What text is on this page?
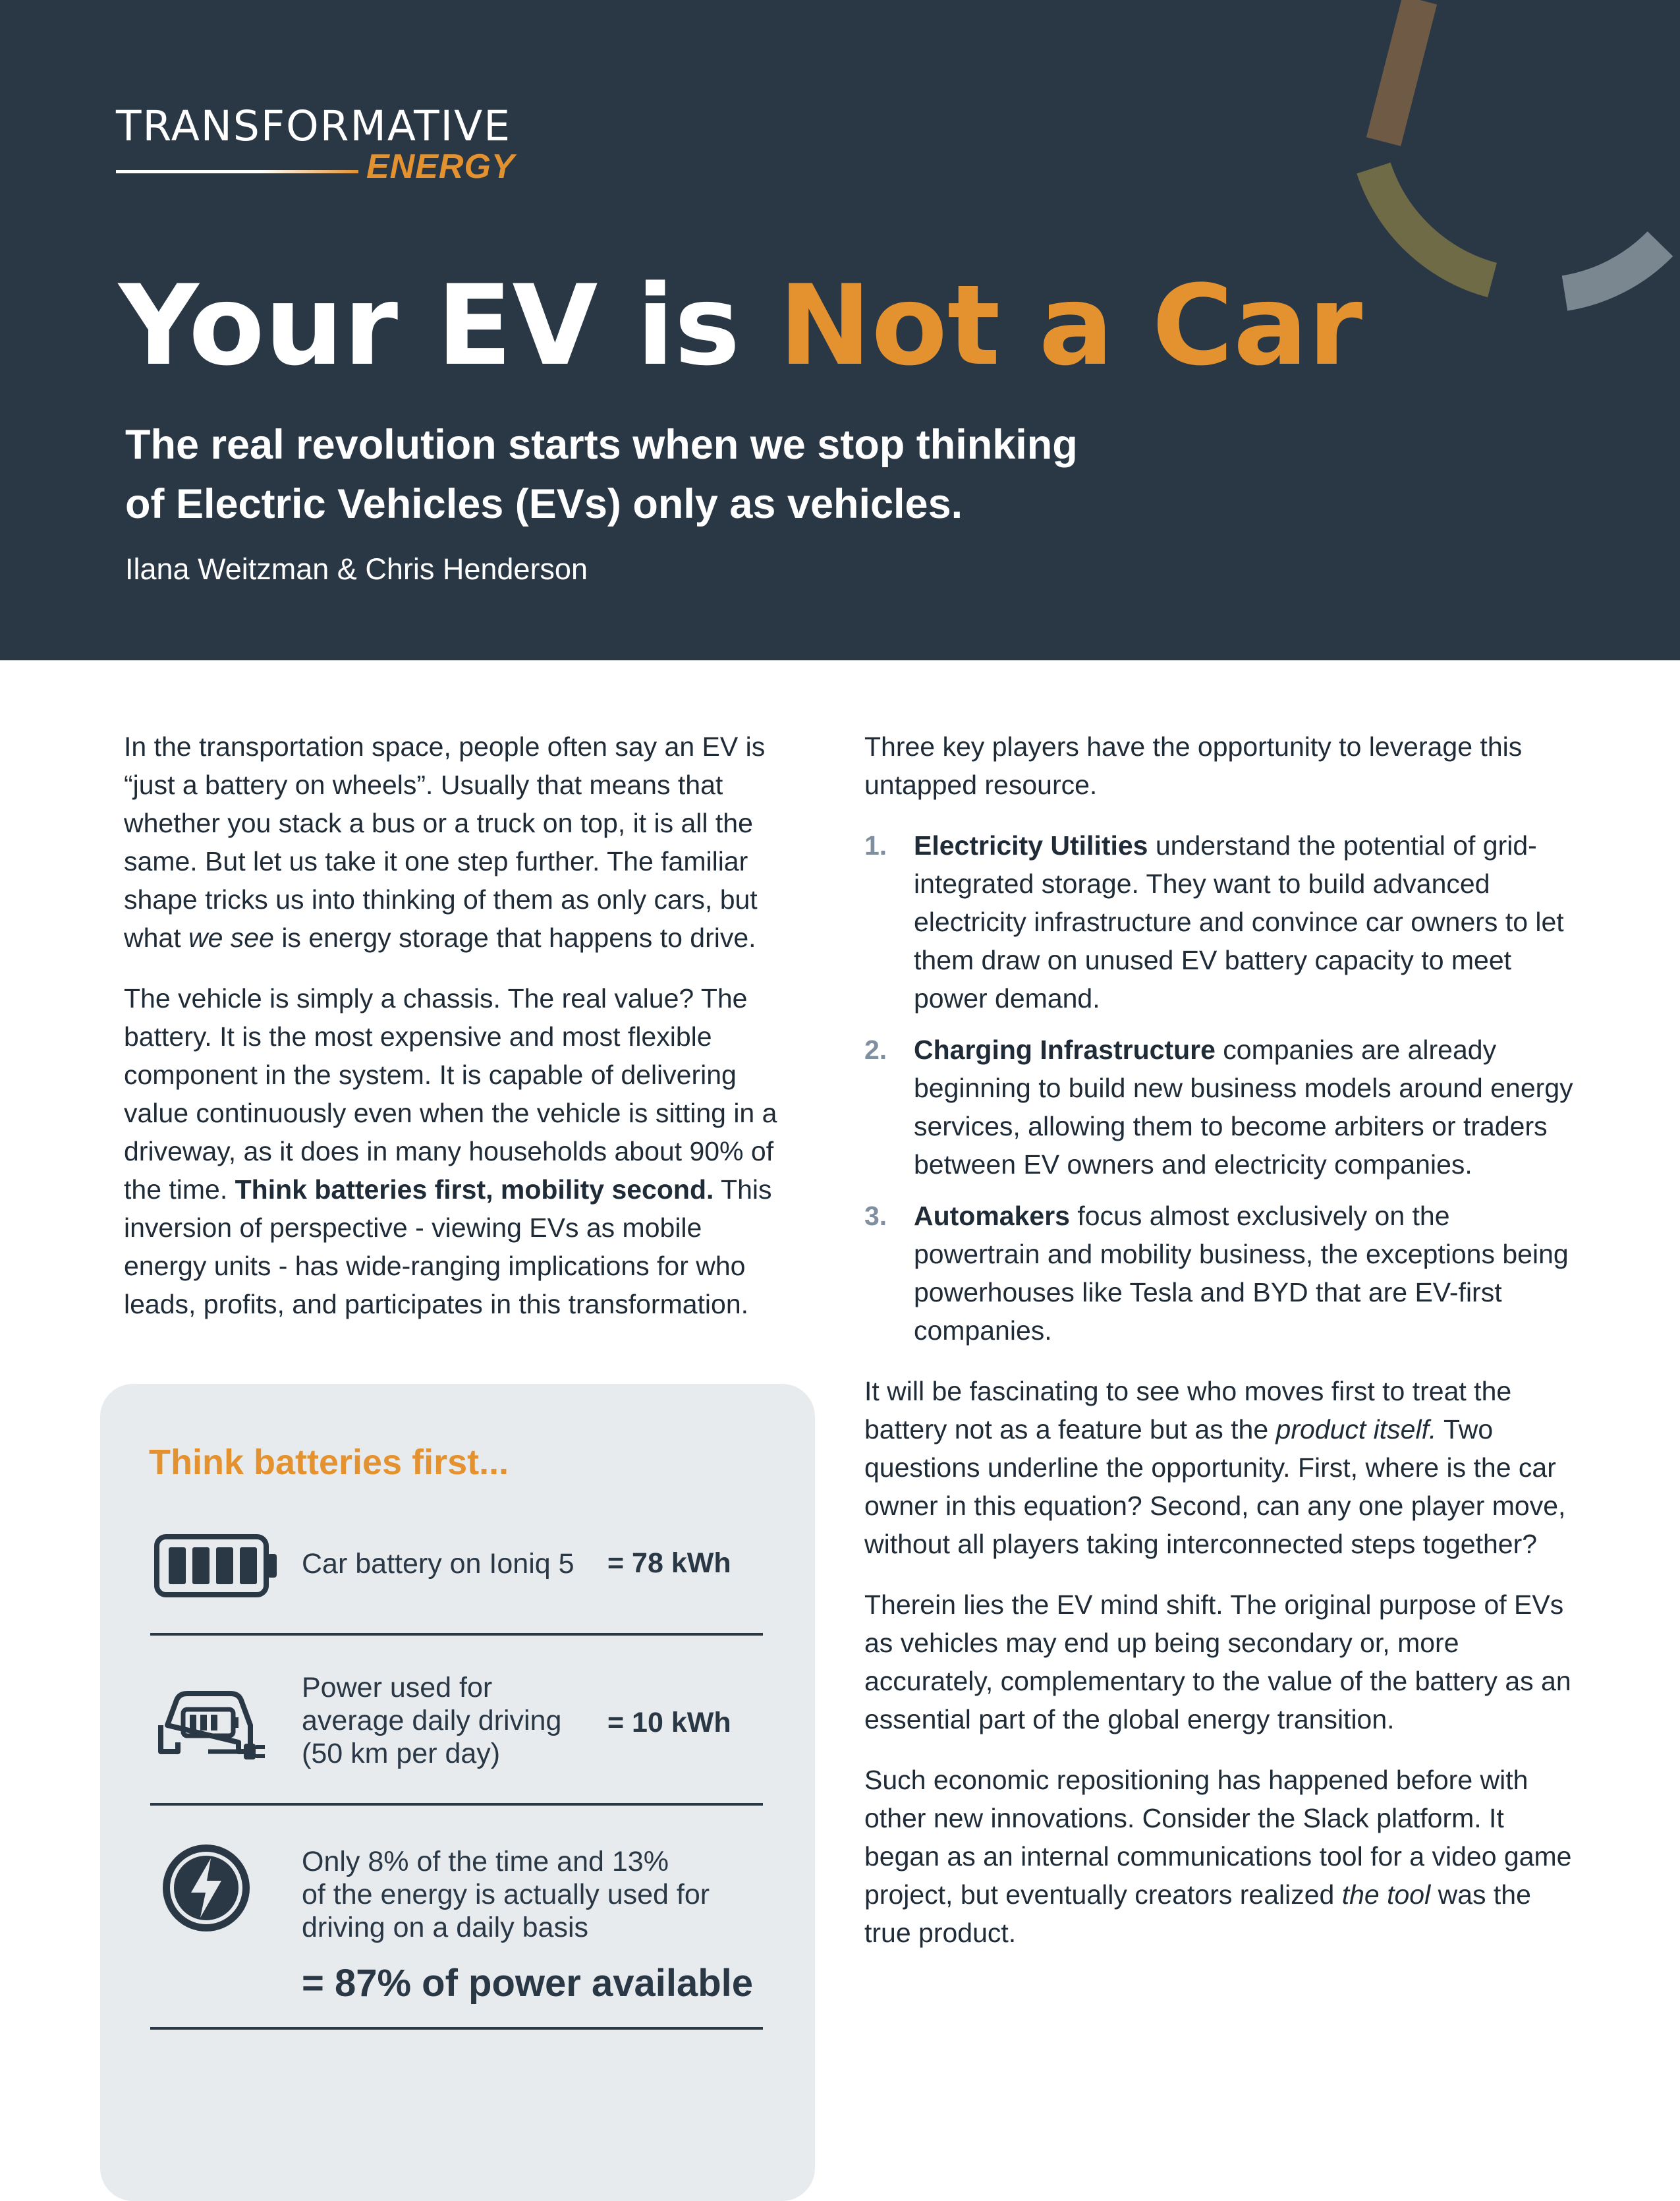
TRANSFORMATIVE
ENERGY
Your EV is Not a Car
The real revolution starts when we stop thinking
of Electric Vehicles (EVs) only as vehicles.
Ilana Weitzman & Chris Henderson

In the transportation space, people often say an EV is “just a battery on wheels”. Usually that means that whether you stack a bus or a truck on top, it is all the same. But let us take it one step further. The familiar shape tricks us into thinking of them as only cars, but what we see is energy storage that happens to drive.

The vehicle is simply a chassis. The real value? The battery. It is the most expensive and most flexible component in the system. It is capable of delivering value continuously even when the vehicle is sitting in a driveway, as it does in many households about 90% of the time. Think batteries first, mobility second. This inversion of perspective - viewing EVs as mobile energy units - has wide-ranging implications for who leads, profits, and participates in this transformation.

Think batteries first...
Car battery on Ioniq 5 = 78 kWh
Power used for
average daily driving
(50 km per day)
= 10 kWh
Only 8% of the time and 13%
of the energy is actually used for
driving on a daily basis
= 87% of power available

Three key players have the opportunity to leverage this untapped resource.

1. Electricity Utilities understand the potential of grid-integrated storage. They want to build advanced electricity infrastructure and convince car owners to let them draw on unused EV battery capacity to meet power demand.
2. Charging Infrastructure companies are already beginning to build new business models around energy services, allowing them to become arbiters or traders between EV owners and electricity companies.
3. Automakers focus almost exclusively on the powertrain and mobility business, the exceptions being powerhouses like Tesla and BYD that are EV-first companies.

It will be fascinating to see who moves first to treat the battery not as a feature but as the product itself. Two questions underline the opportunity. First, where is the car owner in this equation? Second, can any one player move, without all players taking interconnected steps together?

Therein lies the EV mind shift. The original purpose of EVs as vehicles may end up being secondary or, more accurately, complementary to the value of the battery as an essential part of the global energy transition.

Such economic repositioning has happened before with other new innovations. Consider the Slack platform. It began as an internal communications tool for a video game project, but eventually creators realized the tool was the true product.
